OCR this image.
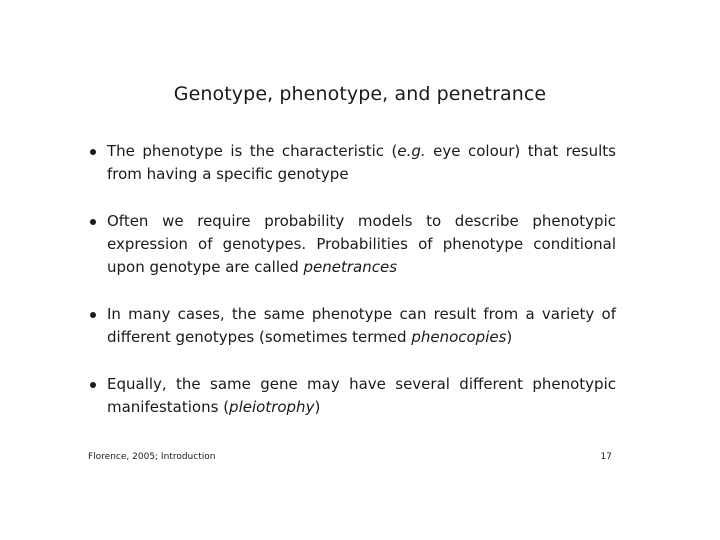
Genotype, phenotype, and penetrance
The phenotype is the characteristic (e.g. eye colour) that results from having a specific genotype
Often we require probability models to describe phenotypic expression of genotypes. Probabilities of phenotype conditional upon genotype are called penetrances
In many cases, the same phenotype can result from a variety of different genotypes (sometimes termed phenocopies)
Equally, the same gene may have several different phenotypic manifestations (pleiotrophy)
Florence, 2005; Introduction	17
